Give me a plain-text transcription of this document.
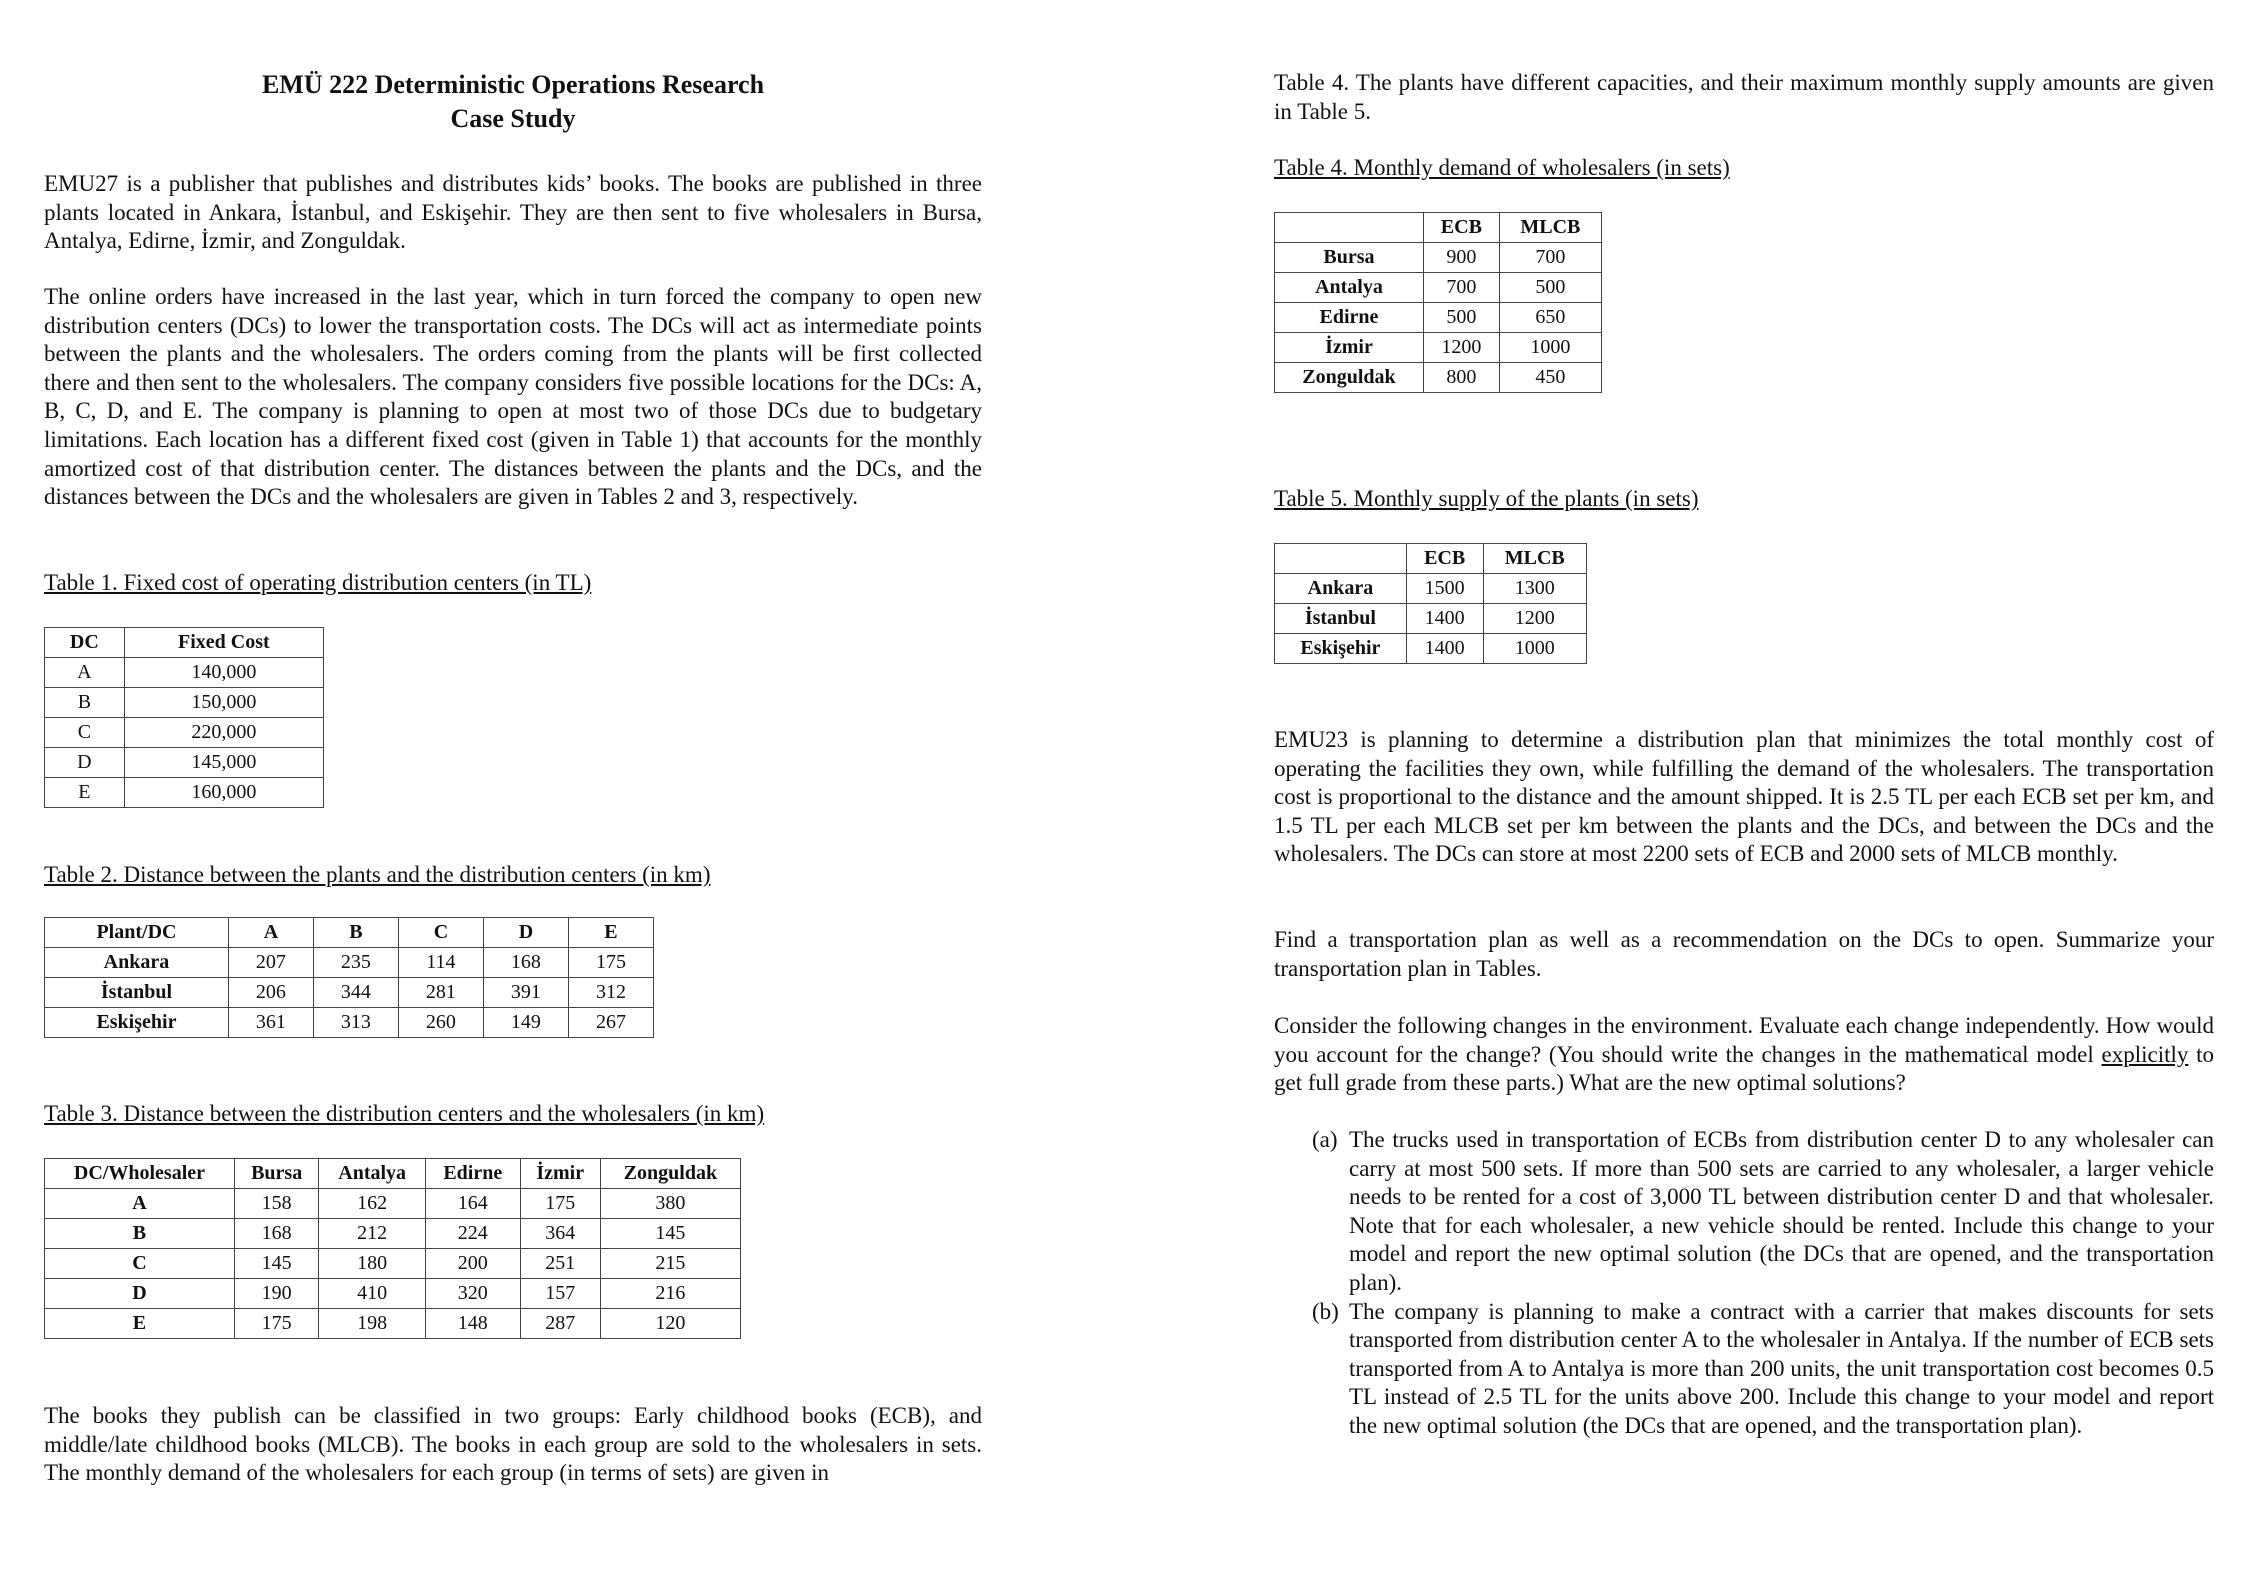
EMÜ 222 Deterministic Operations Research
Case Study

EMU27 is a publisher that publishes and distributes kids’ books. The books are published in three plants located in Ankara, İstanbul, and Eskişehir. They are then sent to five wholesalers in Bursa, Antalya, Edirne, İzmir, and Zonguldak.

The online orders have increased in the last year, which in turn forced the company to open new distribution centers (DCs) to lower the transportation costs. The DCs will act as intermediate points between the plants and the wholesalers. The orders coming from the plants will be first collected there and then sent to the wholesalers. The company considers five possible locations for the DCs: A, B, C, D, and E. The company is planning to open at most two of those DCs due to budgetary limitations. Each location has a different fixed cost (given in Table 1) that accounts for the monthly amortized cost of that distribution center. The distances between the plants and the DCs, and the distances between the DCs and the wholesalers are given in Tables 2 and 3, respectively.

Table 1. Fixed cost of operating distribution centers (in TL)
DC	Fixed Cost
A	140,000
B	150,000
C	220,000
D	145,000
E	160,000
Table 2. Distance between the plants and the distribution centers (in km)
Plant/DC	A	B	C	D	E
Ankara	207	235	114	168	175
İstanbul	206	344	281	391	312
Eskişehir	361	313	260	149	267
Table 3. Distance between the distribution centers and the wholesalers (in km)
DC/Wholesaler	Bursa	Antalya	Edirne	İzmir	Zonguldak
A	158	162	164	175	380
B	168	212	224	364	145
C	145	180	200	251	215
D	190	410	320	157	216
E	175	198	148	287	120

The books they publish can be classified in two groups: Early childhood books (ECB), and middle/late childhood books (MLCB). The books in each group are sold to the wholesalers in sets. The monthly demand of the wholesalers for each group (in terms of sets) are given in

Table 4. The plants have different capacities, and their maximum monthly supply amounts are given in Table 5.

Table 4. Monthly demand of wholesalers (in sets)
	ECB	MLCB
Bursa	900	700
Antalya	700	500
Edirne	500	650
İzmir	1200	1000
Zonguldak	800	450
Table 5. Monthly supply of the plants (in sets)
	ECB	MLCB
Ankara	1500	1300
İstanbul	1400	1200
Eskişehir	1400	1000

EMU23 is planning to determine a distribution plan that minimizes the total monthly cost of operating the facilities they own, while fulfilling the demand of the wholesalers. The transportation cost is proportional to the distance and the amount shipped. It is 2.5 TL per each ECB set per km, and 1.5 TL per each MLCB set per km between the plants and the DCs, and between the DCs and the wholesalers. The DCs can store at most 2200 sets of ECB and 2000 sets of MLCB monthly.

Find a transportation plan as well as a recommendation on the DCs to open. Summarize your transportation plan in Tables.

Consider the following changes in the environment. Evaluate each change independently. How would you account for the change? (You should write the changes in the mathematical model explicitly to get full grade from these parts.) What are the new optimal solutions?

(a) The trucks used in transportation of ECBs from distribution center D to any wholesaler can carry at most 500 sets. If more than 500 sets are carried to any wholesaler, a larger vehicle needs to be rented for a cost of 3,000 TL between distribution center D and that wholesaler. Note that for each wholesaler, a new vehicle should be rented. Include this change to your model and report the new optimal solution (the DCs that are opened, and the transportation plan).
(b) The company is planning to make a contract with a carrier that makes discounts for sets transported from distribution center A to the wholesaler in Antalya. If the number of ECB sets transported from A to Antalya is more than 200 units, the unit transportation cost becomes 0.5 TL instead of 2.5 TL for the units above 200. Include this change to your model and report the new optimal solution (the DCs that are opened, and the transportation plan).
